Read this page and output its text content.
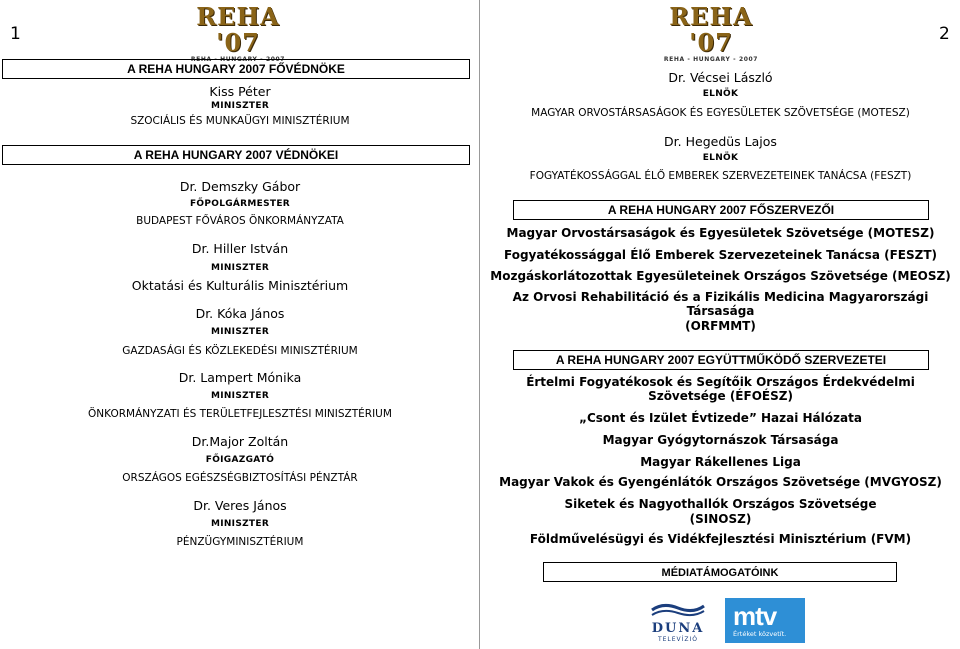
1
REHA '07
REHA - HUNGARY - 2007
A REHA HUNGARY 2007 FŐVÉDNÖKE
Kiss Péter
MINISZTER
SZOCIÁLIS ÉS MUNKAÜGYI MINISZTÉRIUM
A REHA HUNGARY 2007 VÉDNÖKEI
Dr. Demszky Gábor
FŐPOLGÁRMESTER
BUDAPEST FŐVÁROS ÖNKORMÁNYZATA
Dr. Hiller István
MINISZTER
Oktatási és Kulturális Minisztérium
Dr. Kóka János
MINISZTER
GAZDASÁGI ÉS KÖZLEKEDÉSI MINISZTÉRIUM
Dr. Lampert Mónika
MINISZTER
ÖNKORMÁNYZATI ÉS TERÜLETFEJLESZTÉSI MINISZTÉRIUM
Dr.Major Zoltán
FŐIGAZGATÓ
ORSZÁGOS EGÉSZSÉGBIZTOSÍTÁSI PÉNZTÁR
Dr. Veres János
MINISZTER
PÉNZÜGYMINISZTÉRIUM
2
REHA '07
REHA - HUNGARY - 2007
Dr. Vécsei László
ELNÖK
MAGYAR ORVOSTÁRSASÁGOK ÉS EGYESÜLETEK SZÖVETSÉGE (MOTESZ)
Dr. Hegedüs Lajos
ELNÖK
FOGYATÉKOSSÁGGAL ÉLŐ EMBEREK SZERVEZETEINEK TANÁCSA (FESZT)
A REHA HUNGARY 2007 FŐSZERVEZŐI
Magyar Orvostársaságok és Egyesületek Szövetsége (MOTESZ)
Fogyatékossággal Élő Emberek Szervezeteinek Tanácsa (FESZT)
Mozgáskorlátozottak Egyesületeinek Országos Szövetsége (MEOSZ)
Az Orvosi Rehabilitáció és a Fizikális Medicina Magyarországi
Társasága
(ORFMMT)
A REHA HUNGARY 2007 EGYÜTTMŰKÖDŐ SZERVEZETEI
Értelmi Fogyatékosok és Segítőik Országos Érdekvédelmi
Szövetsége (ÉFOÉSZ)
„Csont és Izület Évtizede” Hazai Hálózata
Magyar Gyógytornászok Társasága
Magyar Rákellenes Liga
Magyar Vakok és Gyengénlátók Országos Szövetsége (MVGYOSZ)
Siketek és Nagyothallók Országos Szövetsége
(SINOSZ)
Földművelésügyi és Vidékfejlesztési Minisztérium (FVM)
MÉDIATÁMOGATÓINK
DUNA
TELEVÍZIÓ
mtv
Értéket közvetít.
